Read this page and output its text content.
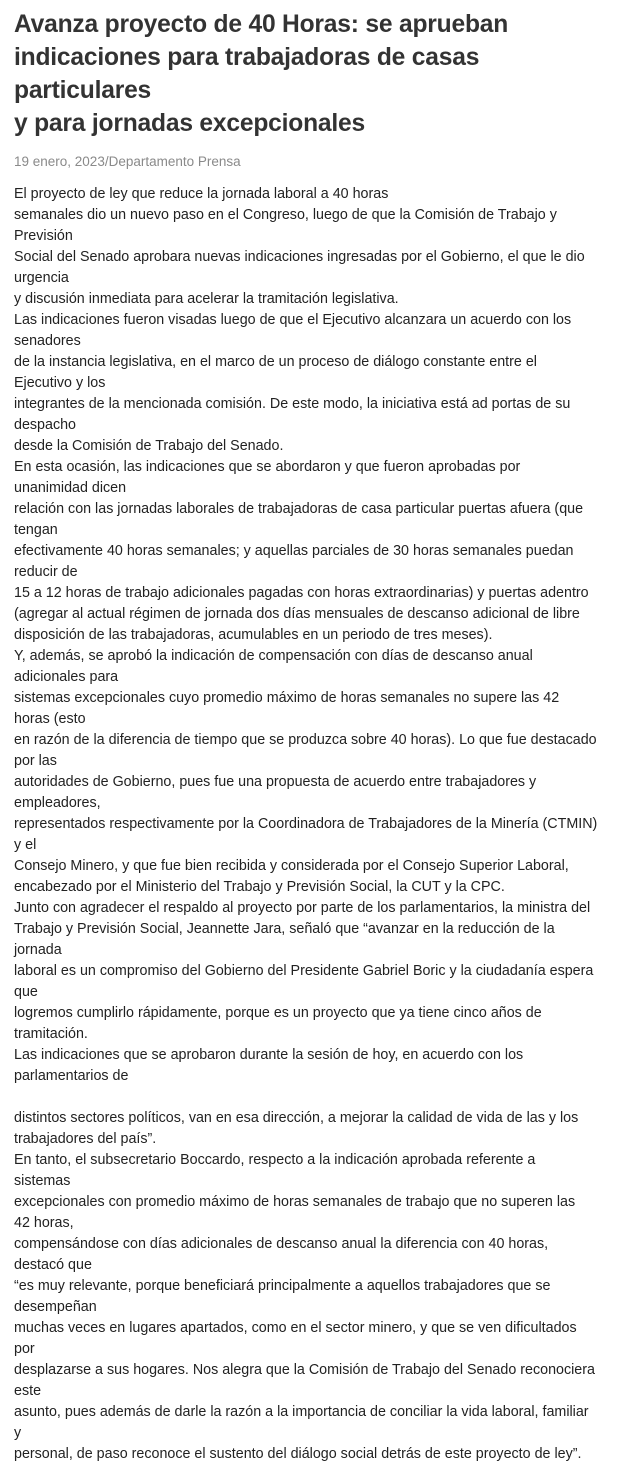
Avanza proyecto de 40 Horas: se aprueban
indicaciones para trabajadoras de casas particulares
y para jornadas excepcionales
19 enero, 2023/Departamento Prensa
El proyecto de ley que reduce la jornada laboral a 40 horas
semanales dio un nuevo paso en el Congreso, luego de que la Comisión de Trabajo y
Previsión
Social del Senado aprobara nuevas indicaciones ingresadas por el Gobierno, el que le dio
urgencia
y discusión inmediata para acelerar la tramitación legislativa.
Las indicaciones fueron visadas luego de que el Ejecutivo alcanzara un acuerdo con los
senadores
de la instancia legislativa, en el marco de un proceso de diálogo constante entre el
Ejecutivo y los
integrantes de la mencionada comisión. De este modo, la iniciativa está ad portas de su
despacho
desde la Comisión de Trabajo del Senado.
En esta ocasión, las indicaciones que se abordaron y que fueron aprobadas por
unanimidad dicen
relación con las jornadas laborales de trabajadoras de casa particular puertas afuera (que
tengan
efectivamente 40 horas semanales; y aquellas parciales de 30 horas semanales puedan
reducir de
15 a 12 horas de trabajo adicionales pagadas con horas extraordinarias) y puertas adentro
(agregar al actual régimen de jornada dos días mensuales de descanso adicional de libre
disposición de las trabajadoras, acumulables en un periodo de tres meses).
Y, además, se aprobó la indicación de compensación con días de descanso anual
adicionales para
sistemas excepcionales cuyo promedio máximo de horas semanales no supere las 42
horas (esto
en razón de la diferencia de tiempo que se produzca sobre 40 horas). Lo que fue destacado
por las
autoridades de Gobierno, pues fue una propuesta de acuerdo entre trabajadores y
empleadores,
representados respectivamente por la Coordinadora de Trabajadores de la Minería (CTMIN)
y el
Consejo Minero, y que fue bien recibida y considerada por el Consejo Superior Laboral,
encabezado por el Ministerio del Trabajo y Previsión Social, la CUT y la CPC.
Junto con agradecer el respaldo al proyecto por parte de los parlamentarios, la ministra del
Trabajo y Previsión Social, Jeannette Jara, señaló que “avanzar en la reducción de la
jornada
laboral es un compromiso del Gobierno del Presidente Gabriel Boric y la ciudadanía espera
que
logremos cumplirlo rápidamente, porque es un proyecto que ya tiene cinco años de
tramitación.
Las indicaciones que se aprobaron durante la sesión de hoy, en acuerdo con los
parlamentarios de
distintos sectores políticos, van en esa dirección, a mejorar la calidad de vida de las y los
trabajadores del país”.
En tanto, el subsecretario Boccardo, respecto a la indicación aprobada referente a
sistemas
excepcionales con promedio máximo de horas semanales de trabajo que no superen las
42 horas,
compensándose con días adicionales de descanso anual la diferencia con 40 horas,
destacó que
“es muy relevante, porque beneficiará principalmente a aquellos trabajadores que se
desempeñan
muchas veces en lugares apartados, como en el sector minero, y que se ven dificultados
por
desplazarse a sus hogares. Nos alegra que la Comisión de Trabajo del Senado reconociera
este
asunto, pues además de darle la razón a la importancia de conciliar la vida laboral, familiar
y
personal, de paso reconoce el sustento del diálogo social detrás de este proyecto de ley”.
